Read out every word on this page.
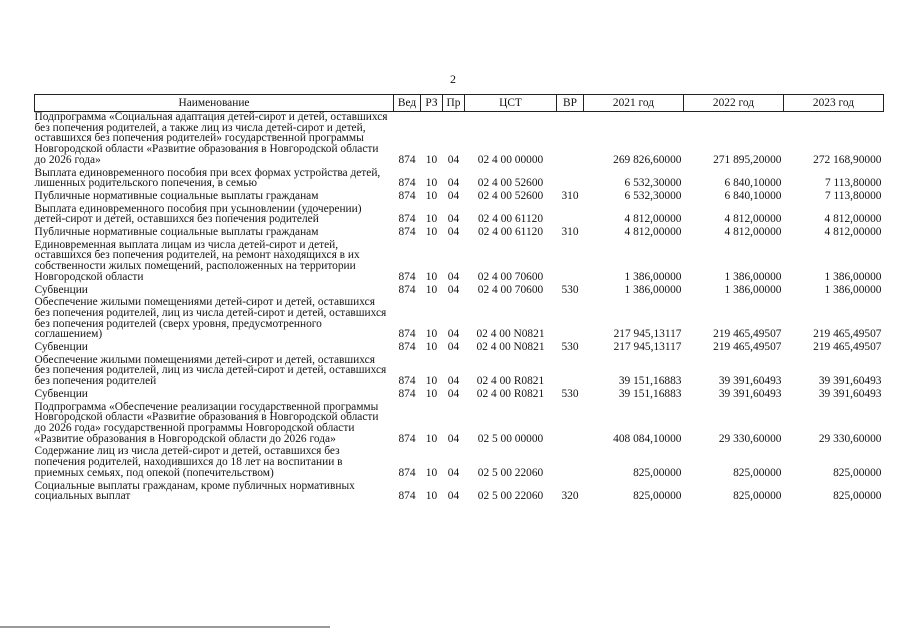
2
Наименование	Вед	РЗ	Пр	ЦСТ	ВР	2021 год	2022 год	2023 год
Подпрограмма «Социальная адаптация детей-сирот и детей, оставшихся без попечения родителей, а также лиц из числа детей-сирот и детей, оставшихся без попечения родителей» государственной программы Новгородской области «Развитие образования в Новгородской области до 2026 года»	874	10	04	02 4 00 00000		269 826,60000	271 895,20000	272 168,90000
Выплата единовременного пособия при всех формах устройства детей, лишенных родительского попечения, в семью	874	10	04	02 4 00 52600		6 532,30000	6 840,10000	7 113,80000
Публичные нормативные социальные выплаты гражданам	874	10	04	02 4 00 52600	310	6 532,30000	6 840,10000	7 113,80000
Выплата единовременного пособия при усыновлении (удочерении) детей-сирот и детей, оставшихся без попечения родителей	874	10	04	02 4 00 61120		4 812,00000	4 812,00000	4 812,00000
Публичные нормативные социальные выплаты гражданам	874	10	04	02 4 00 61120	310	4 812,00000	4 812,00000	4 812,00000
Единовременная выплата лицам из числа детей-сирот и детей, оставшихся без попечения родителей, на ремонт находящихся в их собственности жилых помещений, расположенных на территории Новгородской области	874	10	04	02 4 00 70600		1 386,00000	1 386,00000	1 386,00000
Субвенции	874	10	04	02 4 00 70600	530	1 386,00000	1 386,00000	1 386,00000
Обеспечение жилыми помещениями детей-сирот и детей, оставшихся без попечения родителей, лиц из числа детей-сирот и детей, оставшихся без попечения родителей (сверх уровня, предусмотренного соглашением)	874	10	04	02 4 00 N0821		217 945,13117	219 465,49507	219 465,49507
Субвенции	874	10	04	02 4 00 N0821	530	217 945,13117	219 465,49507	219 465,49507
Обеспечение жилыми помещениями детей-сирот и детей, оставшихся без попечения родителей, лиц из числа детей-сирот и детей, оставшихся без попечения родителей	874	10	04	02 4 00 R0821		39 151,16883	39 391,60493	39 391,60493
Субвенции	874	10	04	02 4 00 R0821	530	39 151,16883	39 391,60493	39 391,60493
Подпрограмма «Обеспечение реализации государственной программы Новгородской области «Развитие образования в Новгородской области до 2026 года» государственной программы Новгородской области «Развитие образования в Новгородской области до 2026 года»	874	10	04	02 5 00 00000		408 084,10000	29 330,60000	29 330,60000
Содержание лиц из числа детей-сирот и детей, оставшихся без попечения родителей, находившихся до 18 лет на воспитании в приемных семьях, под опекой (попечительством)	874	10	04	02 5 00 22060		825,00000	825,00000	825,00000
Социальные выплаты гражданам, кроме публичных нормативных социальных выплат	874	10	04	02 5 00 22060	320	825,00000	825,00000	825,00000
